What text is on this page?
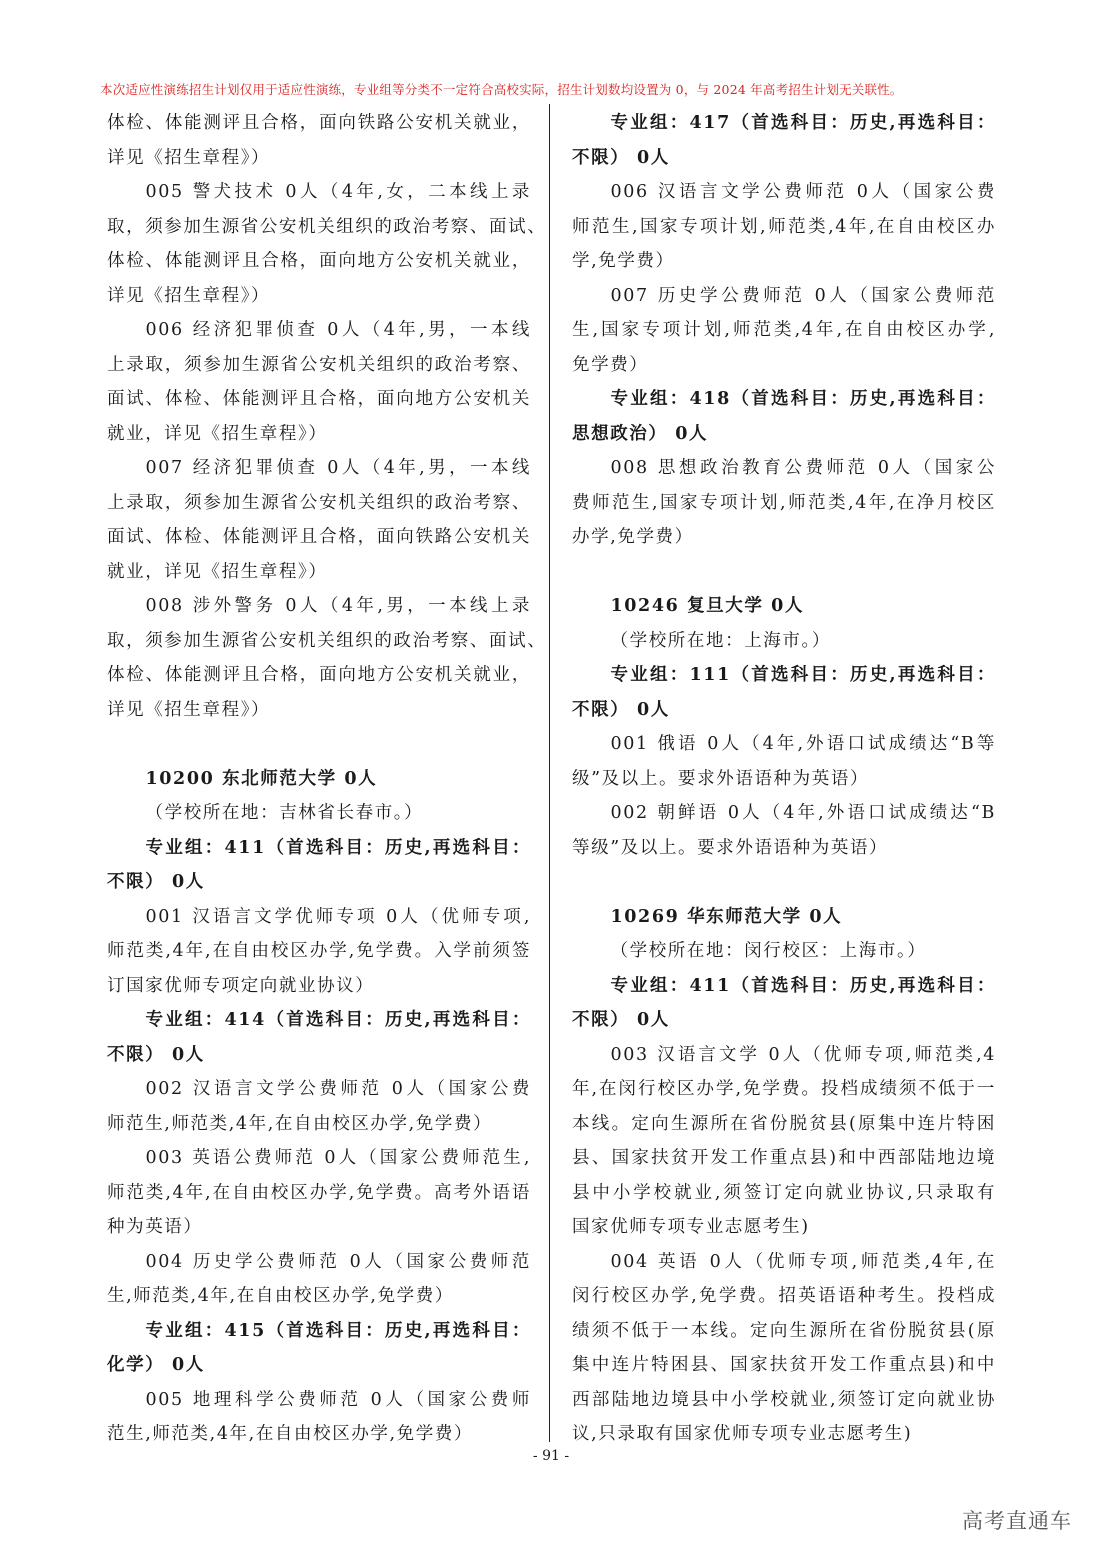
本次适应性演练招生计划仅用于适应性演练，专业组等分类不一定符合高校实际，招生计划数均设置为 0，与 2024 年高考招生计划无关联性。
体检、体能测评且合格，面向铁路公安机关就业，
详见《招生章程》）
005 警犬技术 0人（4年,女，二本线上录
取，须参加生源省公安机关组织的政治考察、面试、
体检、体能测评且合格，面向地方公安机关就业，
详见《招生章程》）
006 经济犯罪侦查 0人（4年,男，一本线
上录取，须参加生源省公安机关组织的政治考察、
面试、体检、体能测评且合格，面向地方公安机关
就业，详见《招生章程》）
007 经济犯罪侦查 0人（4年,男，一本线
上录取，须参加生源省公安机关组织的政治考察、
面试、体检、体能测评且合格，面向铁路公安机关
就业，详见《招生章程》）
008 涉外警务 0人（4年,男，一本线上录
取，须参加生源省公安机关组织的政治考察、面试、
体检、体能测评且合格，面向地方公安机关就业，
详见《招生章程》）
10200 东北师范大学 0人
（学校所在地：吉林省长春市。）
专业组：411（首选科目：历史,再选科目：
不限） 0人
001 汉语言文学优师专项 0人（优师专项,
师范类,4年,在自由校区办学,免学费。入学前须签
订国家优师专项定向就业协议）
专业组：414（首选科目：历史,再选科目：
不限） 0人
002 汉语言文学公费师范 0人（国家公费
师范生,师范类,4年,在自由校区办学,免学费）
003 英语公费师范 0人（国家公费师范生,
师范类,4年,在自由校区办学,免学费。高考外语语
种为英语）
004 历史学公费师范 0人（国家公费师范
生,师范类,4年,在自由校区办学,免学费）
专业组：415（首选科目：历史,再选科目：
化学） 0人
005 地理科学公费师范 0人（国家公费师
范生,师范类,4年,在自由校区办学,免学费）
专业组：417（首选科目：历史,再选科目：
不限） 0人
006 汉语言文学公费师范 0人（国家公费
师范生,国家专项计划,师范类,4年,在自由校区办
学,免学费）
007 历史学公费师范 0人（国家公费师范
生,国家专项计划,师范类,4年,在自由校区办学,
免学费）
专业组：418（首选科目：历史,再选科目：
思想政治） 0人
008 思想政治教育公费师范 0人（国家公
费师范生,国家专项计划,师范类,4年,在净月校区
办学,免学费）
10246 复旦大学 0人
（学校所在地：上海市。）
专业组：111（首选科目：历史,再选科目：
不限） 0人
001 俄语 0人（4年,外语口试成绩达“B等
级”及以上。要求外语语种为英语）
002 朝鲜语 0人（4年,外语口试成绩达“B
等级”及以上。要求外语语种为英语）
10269 华东师范大学 0人
（学校所在地：闵行校区：上海市。）
专业组：411（首选科目：历史,再选科目：
不限） 0人
003 汉语言文学 0人（优师专项,师范类,4
年,在闵行校区办学,免学费。投档成绩须不低于一
本线。定向生源所在省份脱贫县(原集中连片特困
县、国家扶贫开发工作重点县)和中西部陆地边境
县中小学校就业,须签订定向就业协议,只录取有
国家优师专项专业志愿考生)
004 英语 0人（优师专项,师范类,4年,在
闵行校区办学,免学费。招英语语种考生。投档成
绩须不低于一本线。定向生源所在省份脱贫县(原
集中连片特困县、国家扶贫开发工作重点县)和中
西部陆地边境县中小学校就业,须签订定向就业协
议,只录取有国家优师专项专业志愿考生)
- 91 -
高考直通车
